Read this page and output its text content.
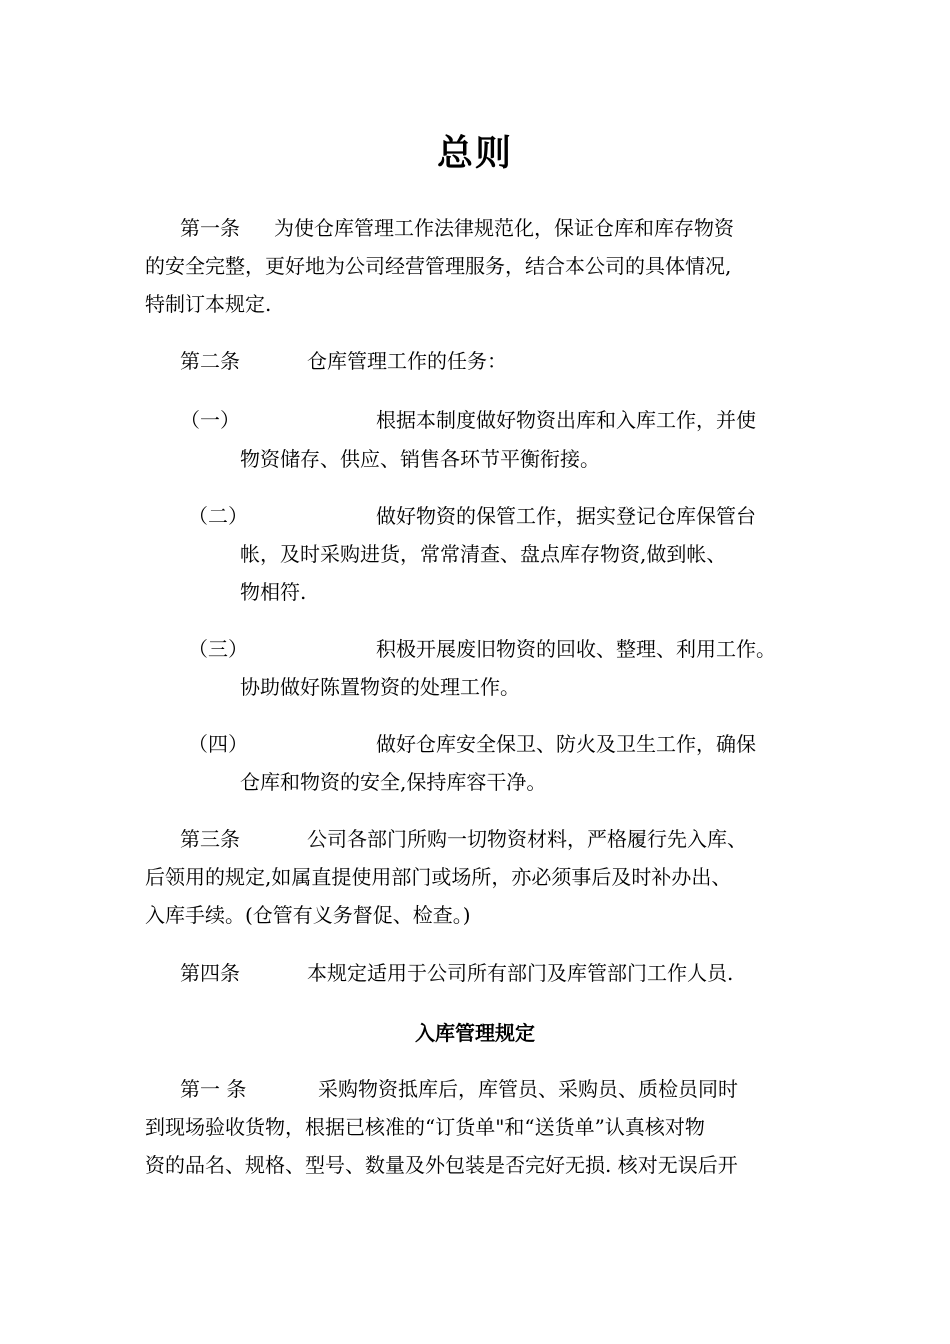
总则
第一条 为使仓库管理工作法律规范化，保证仓库和库存物资
的安全完整，更好地为公司经营管理服务，结合本公司的具体情况,
特制订本规定.
第二条	仓库管理工作的任务：
（一）	根据本制度做好物资出库和入库工作，并使
物资储存、供应、销售各环节平衡衔接。
（二）	做好物资的保管工作，据实登记仓库保管台
帐，及时采购进货，常常清查、盘点库存物资,做到帐、
物相符.
（三）	积极开展废旧物资的回收、整理、利用工作。
协助做好陈置物资的处理工作。
（四）	做好仓库安全保卫、防火及卫生工作，确保
仓库和物资的安全,保持库容干净。
第三条	公司各部门所购一切物资材料，严格履行先入库、
后领用的规定,如属直提使用部门或场所，亦必须事后及时补办出、
入库手续。(仓管有义务督促、检查。)
第四条	本规定适用于公司所有部门及库管部门工作人员.
入库管理规定
第一 条	采购物资抵库后，库管员、采购员、质检员同时
到现场验收货物，根据已核准的“订货单"和“送货单”认真核对物
资的品名、规格、型号、数量及外包装是否完好无损. 核对无误后开
